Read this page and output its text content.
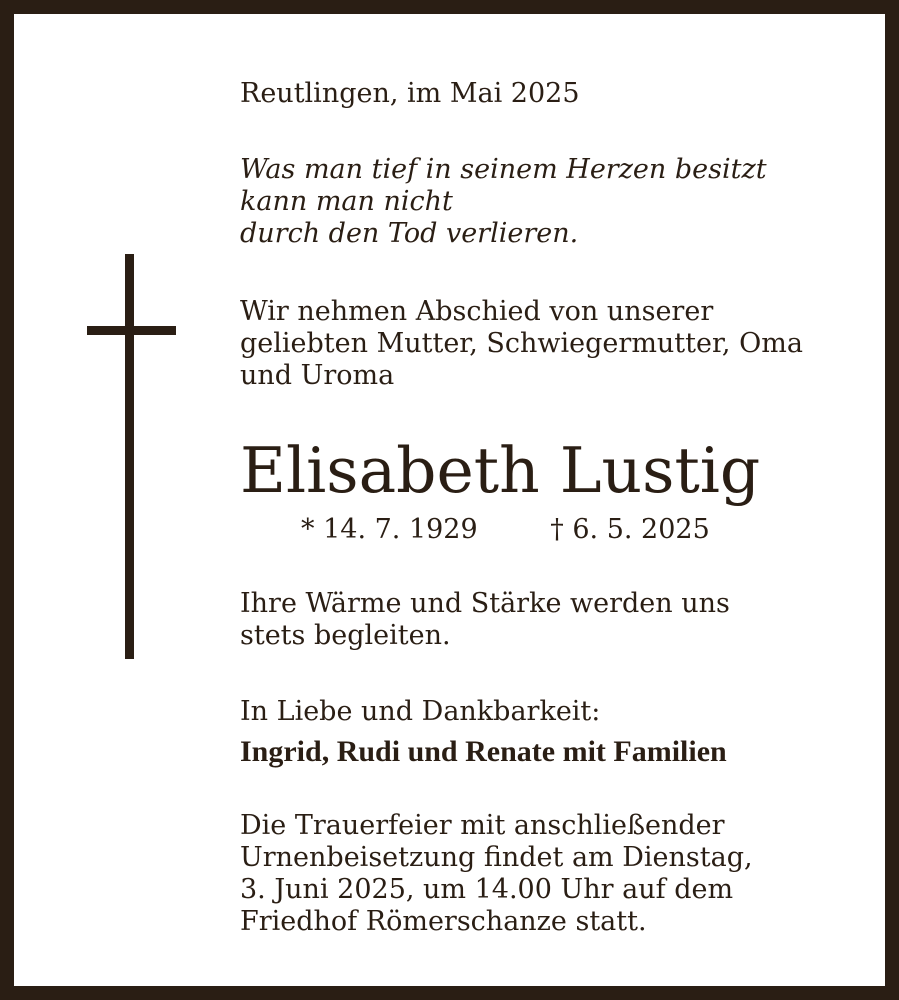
Reutlingen, im Mai 2025

Was man tief in seinem Herzen besitzt
kann man nicht
durch den Tod verlieren.

Wir nehmen Abschied von unserer
geliebten Mutter, Schwiegermutter, Oma
und Uroma

Elisabeth Lustig

* 14. 7. 1929	† 6. 5. 2025

Ihre Wärme und Stärke werden uns
stets begleiten.

In Liebe und Dankbarkeit:

Ingrid, Rudi und Renate mit Familien

Die Trauerfeier mit anschließender
Urnenbeisetzung findet am Dienstag,
3. Juni 2025, um 14.00 Uhr auf dem
Friedhof Römerschanze statt.
